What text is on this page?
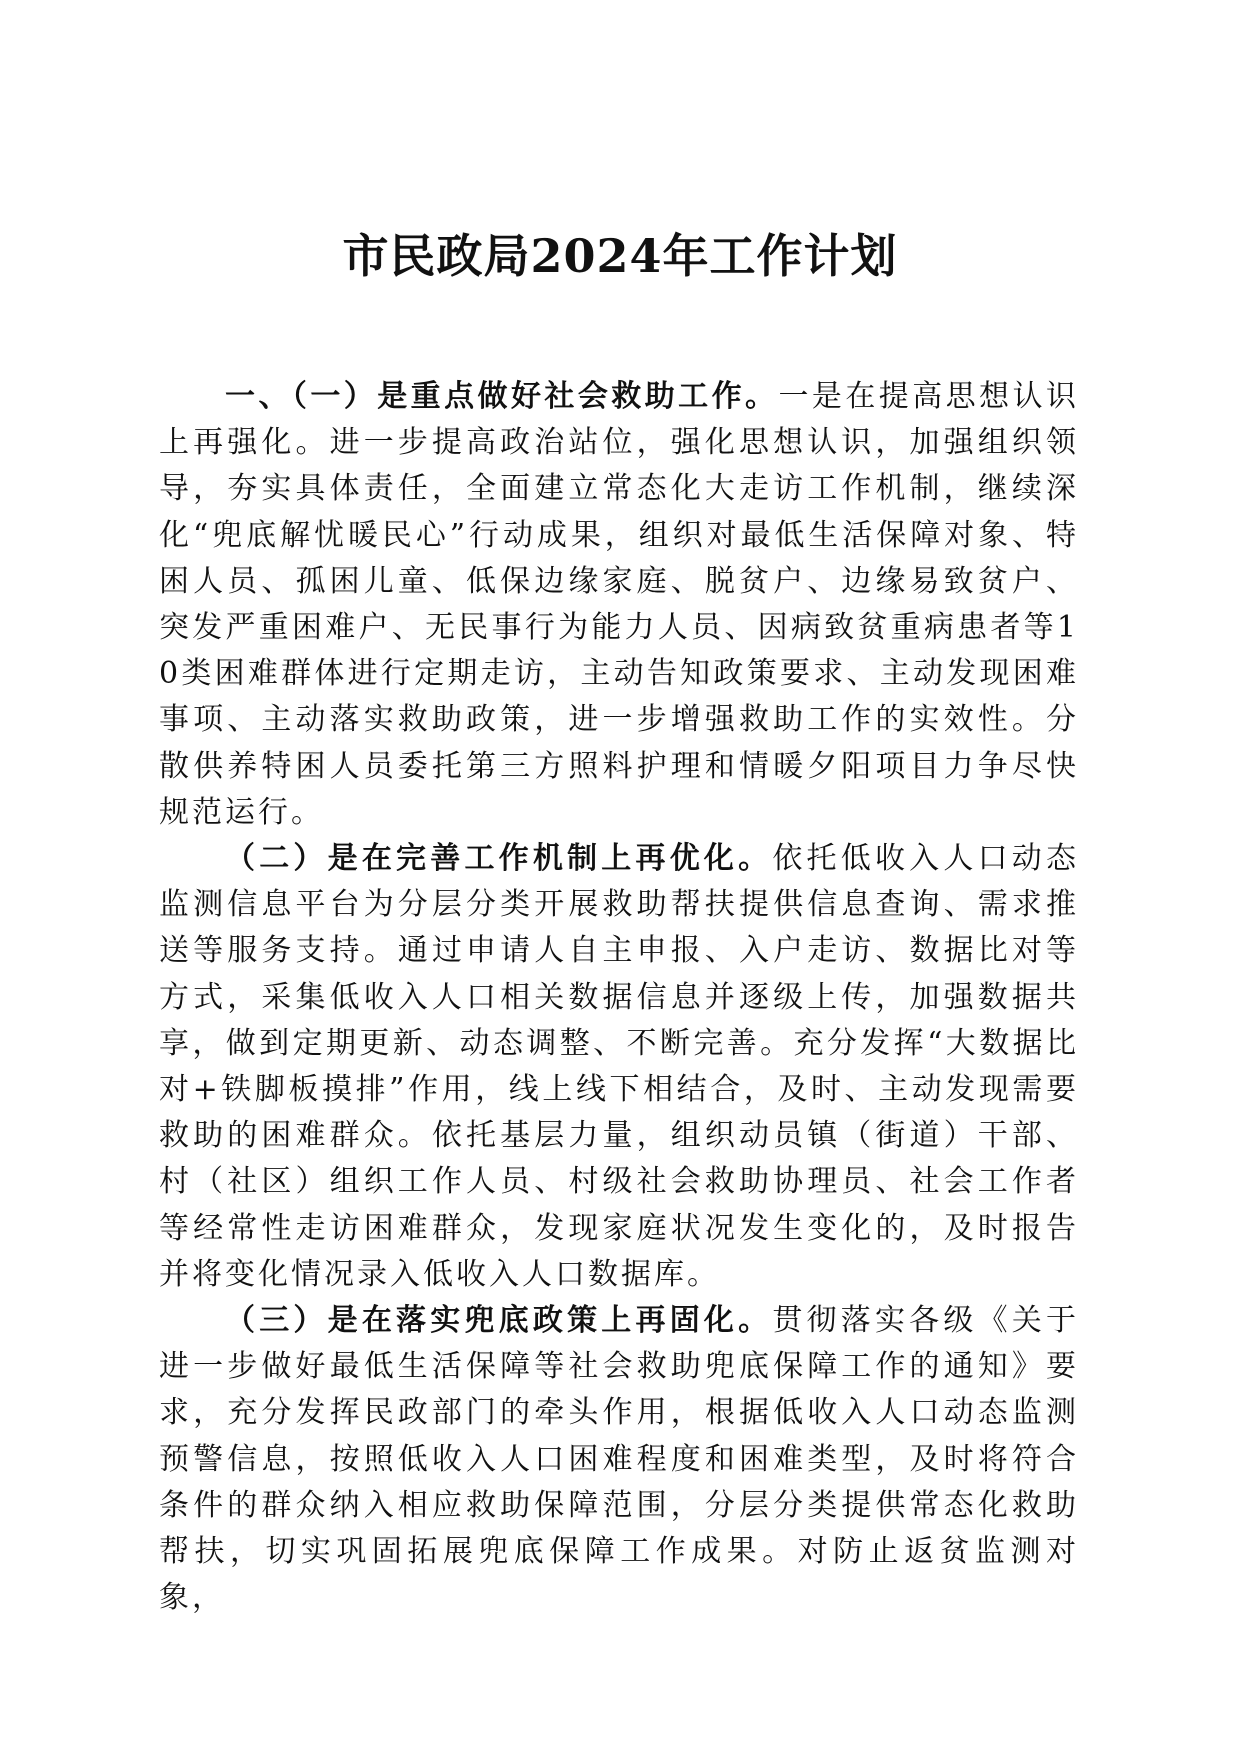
市民政局2024年工作计划

一、（一）是重点做好社会救助工作。一是在提高思想认识上再强化。进一步提高政治站位，强化思想认识，加强组织领导，夯实具体责任，全面建立常态化大走访工作机制，继续深化“兜底解忧暖民心”行动成果，组织对最低生活保障对象、特困人员、孤困儿童、低保边缘家庭、脱贫户、边缘易致贫户、突发严重困难户、无民事行为能力人员、因病致贫重病患者等10类困难群体进行定期走访，主动告知政策要求、主动发现困难事项、主动落实救助政策，进一步增强救助工作的实效性。分散供养特困人员委托第三方照料护理和情暖夕阳项目力争尽快规范运行。

（二）是在完善工作机制上再优化。依托低收入人口动态监测信息平台为分层分类开展救助帮扶提供信息查询、需求推送等服务支持。通过申请人自主申报、入户走访、数据比对等方式，采集低收入人口相关数据信息并逐级上传，加强数据共享，做到定期更新、动态调整、不断完善。充分发挥“大数据比对+铁脚板摸排”作用，线上线下相结合，及时、主动发现需要救助的困难群众。依托基层力量，组织动员镇（街道）干部、村（社区）组织工作人员、村级社会救助协理员、社会工作者等经常性走访困难群众，发现家庭状况发生变化的，及时报告并将变化情况录入低收入人口数据库。

（三）是在落实兜底政策上再固化。贯彻落实各级《关于进一步做好最低生活保障等社会救助兜底保障工作的通知》要求，充分发挥民政部门的牵头作用，根据低收入人口动态监测预警信息，按照低收入人口困难程度和困难类型，及时将符合条件的群众纳入相应救助保障范围，分层分类提供常态化救助帮扶，切实巩固拓展兜底保障工作成果。对防止返贫监测对象，
